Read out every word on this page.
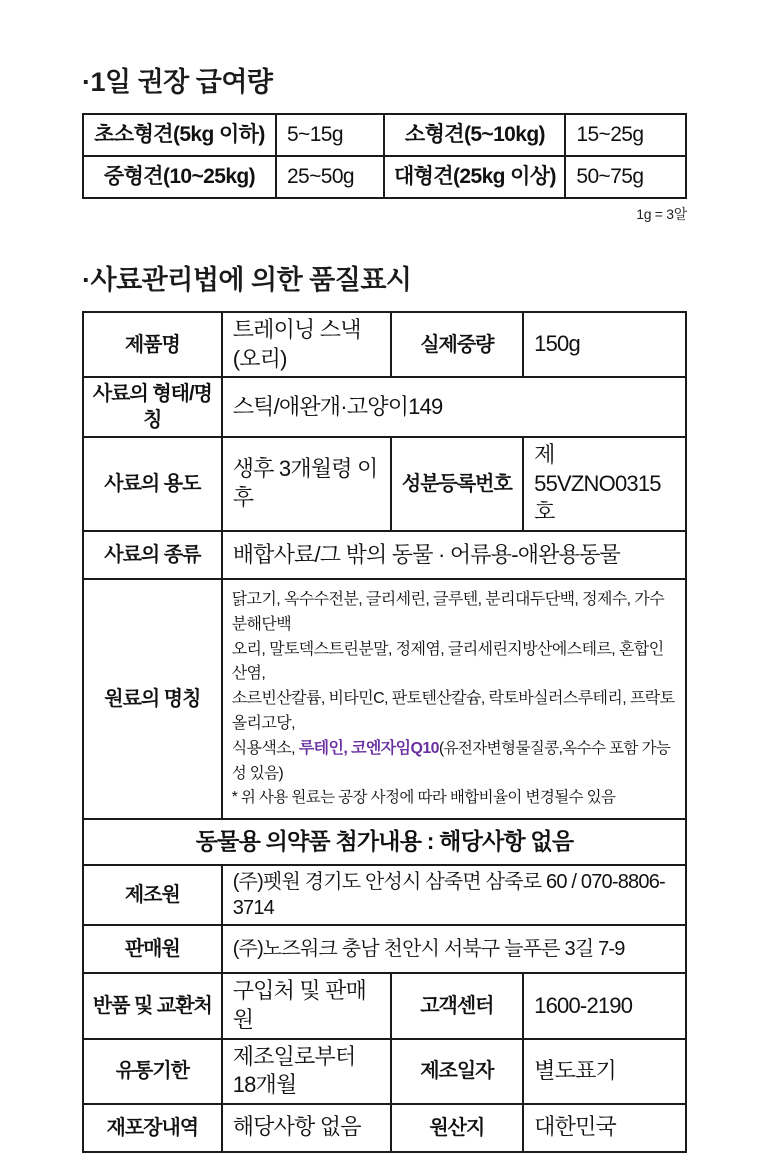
·1일 권장 급여량
초소형견(5kg 이하)	5~15g	소형견(5~10kg)	15~25g
중형견(10~25kg)	25~50g	대형견(25kg 이상)	50~75g
1g = 3알
·사료관리법에 의한 품질표시
제품명	트레이닝 스낵(오리)	실제중량	150g
사료의 형태/명칭	스틱/애완개·고양이149		
사료의 용도	생후 3개월령 이후	성분등록번호	제 55VZNO0315호
사료의 종류	배합사료/그 밖의 동물 · 어류용-애완용동물		
원료의 명칭	닭고기, 옥수수전분, 글리세린, 글루텐, 분리대두단백, 정제수, 가수분해단백
오리, 말토덱스트린분말, 정제염, 글리세린지방산에스테르, 혼합인산염,
소르빈산칼륨, 비타민C, 판토텐산칼슘, 락토바실러스루테리, 프락토올리고당,
식용색소, 루테인, 코엔자임Q10(유전자변형물질콩,옥수수 포함 가능성 있음)
* 위 사용 원료는 공장 사정에 따라 배합비율이 변경될수 있음		

동물용 의약품 첨가내용 : 해당사항 없음			
제조원	(주)펫원 경기도 안성시 삼죽면 삼죽로 60 / 070-8806-3714		
판매원	(주)노즈워크 충남 천안시 서북구 늘푸른 3길 7-9		
반품 및 교환처	구입처 및 판매원	고객센터	1600-2190
유통기한	제조일로부터 18개월	제조일자	별도표기
재포장내역	해당사항 없음	원산지	대한민국
